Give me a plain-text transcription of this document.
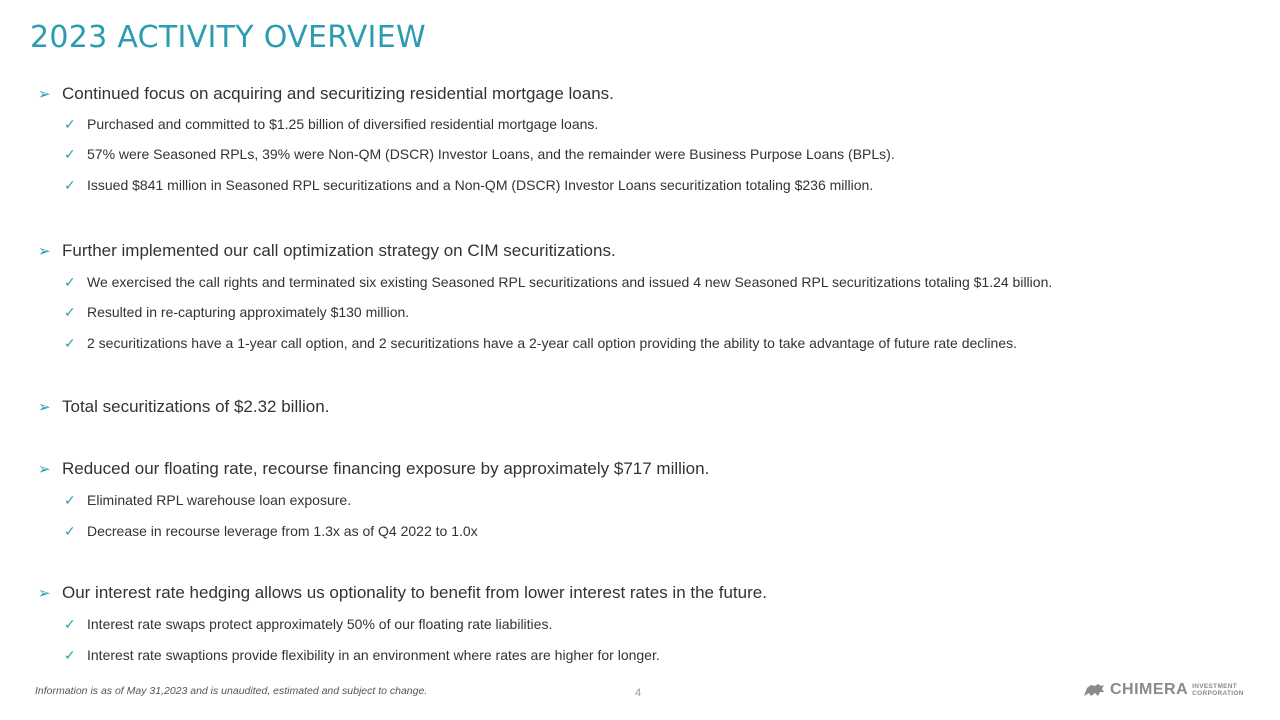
2023 ACTIVITY OVERVIEW
➢ Continued focus on acquiring and securitizing residential mortgage loans.
✓ Purchased and committed to $1.25 billion of diversified residential mortgage loans.
✓ 57% were Seasoned RPLs, 39% were Non-QM (DSCR) Investor Loans, and the remainder were Business Purpose Loans (BPLs).
✓ Issued $841 million in Seasoned RPL securitizations and a Non-QM (DSCR) Investor Loans securitization totaling $236 million.
➢ Further implemented our call optimization strategy on CIM securitizations.
✓ We exercised the call rights and terminated six existing Seasoned RPL securitizations and issued 4 new Seasoned RPL securitizations totaling $1.24 billion.
✓ Resulted in re-capturing approximately $130 million.
✓ 2 securitizations have a 1-year call option, and 2 securitizations have a 2-year call option providing the ability to take advantage of future rate declines.
➢ Total securitizations of $2.32 billion.
➢ Reduced our floating rate, recourse financing exposure by approximately $717 million.
✓ Eliminated RPL warehouse loan exposure.
✓ Decrease in recourse leverage from 1.3x as of Q4 2022 to 1.0x
➢ Our interest rate hedging allows us optionality to benefit from lower interest rates in the future.
✓ Interest rate swaps protect approximately 50% of our floating rate liabilities.
✓ Interest rate swaptions provide flexibility in an environment where rates are higher for longer.
Information is as of May 31,2023 and is unaudited, estimated and subject to change.	4	CHIMERA INVESTMENT
CORPORATION
